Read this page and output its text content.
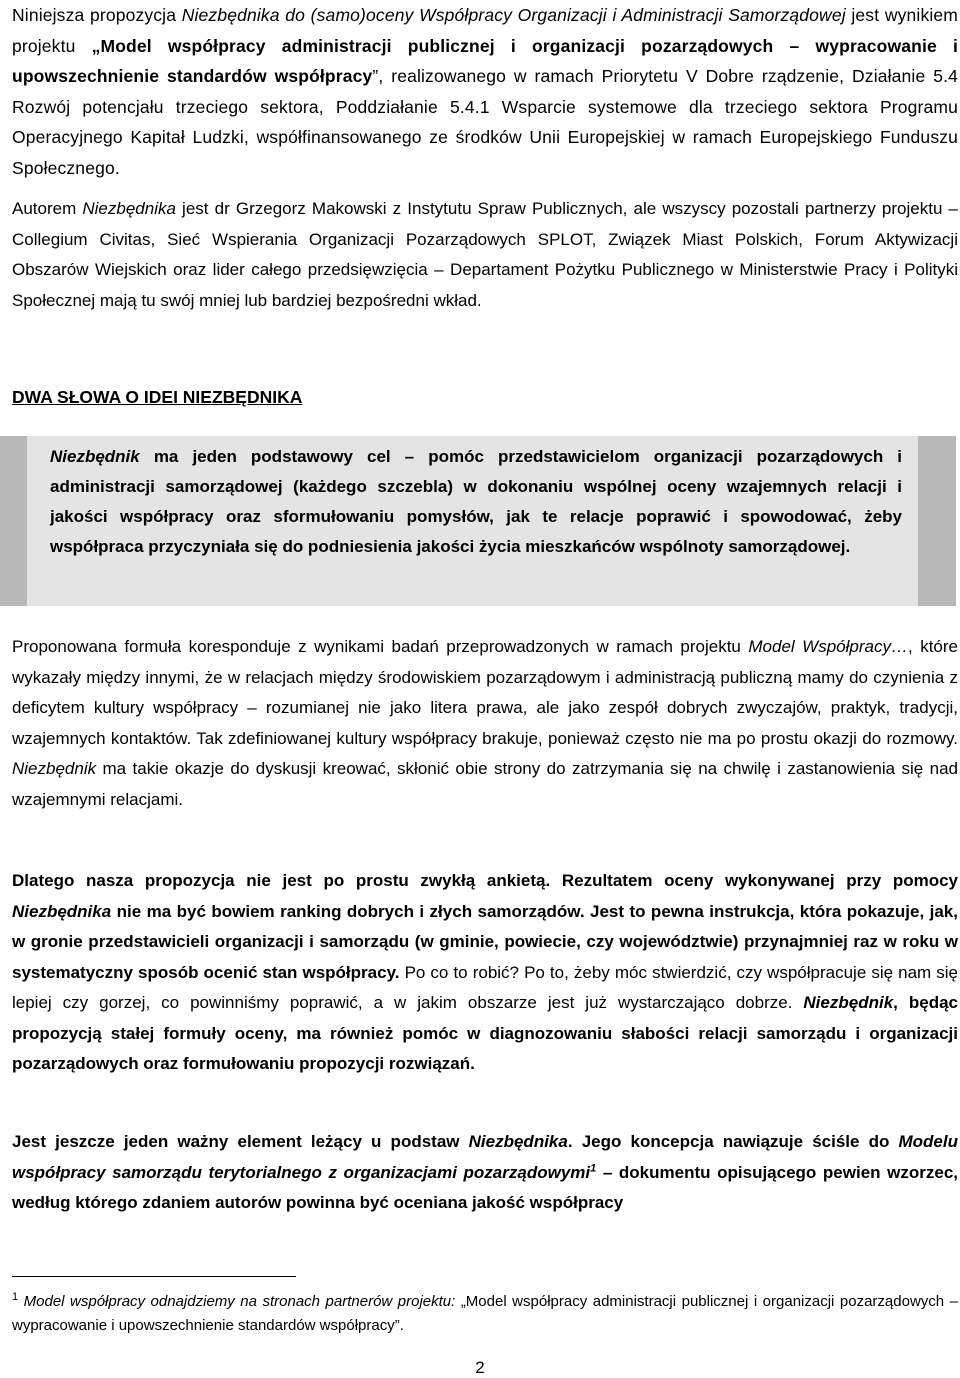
Niniejsza propozycja Niezbędnika do (samo)oceny Współpracy Organizacji i Administracji Samorządowej jest wynikiem projektu „Model współpracy administracji publicznej i organizacji pozarządowych – wypracowanie i upowszechnienie standardów współpracy”, realizowanego w ramach Priorytetu V Dobre rządzenie, Działanie 5.4 Rozwój potencjału trzeciego sektora, Poddziałanie 5.4.1 Wsparcie systemowe dla trzeciego sektora Programu Operacyjnego Kapitał Ludzki, współfinansowanego ze środków Unii Europejskiej w ramach Europejskiego Funduszu Społecznego.

Autorem Niezbędnika jest dr Grzegorz Makowski z Instytutu Spraw Publicznych, ale wszyscy pozostali partnerzy projektu – Collegium Civitas, Sieć Wspierania Organizacji Pozarządowych SPLOT, Związek Miast Polskich, Forum Aktywizacji Obszarów Wiejskich oraz lider całego przedsięwzięcia – Departament Pożytku Publicznego w Ministerstwie Pracy i Polityki Społecznej mają tu swój mniej lub bardziej bezpośredni wkład.

DWA SŁOWA O IDEI NIEZBĘDNIKA

Proponowana formuła koresponduje z wynikami badań przeprowadzonych w ramach projektu Model Współpracy…, które wykazały między innymi, że w relacjach między środowiskiem pozarządowym i administracją publiczną mamy do czynienia z deficytem kultury współpracy – rozumianej nie jako litera prawa, ale jako zespół dobrych zwyczajów, praktyk, tradycji, wzajemnych kontaktów. Tak zdefiniowanej kultury współpracy brakuje, ponieważ często nie ma po prostu okazji do rozmowy. Niezbędnik ma takie okazje do dyskusji kreować, skłonić obie strony do zatrzymania się na chwilę i zastanowienia się nad wzajemnymi relacjami.

Dlatego nasza propozycja nie jest po prostu zwykłą ankietą. Rezultatem oceny wykonywanej przy pomocy Niezbędnika nie ma być bowiem ranking dobrych i złych samorządów. Jest to pewna instrukcja, która pokazuje, jak, w gronie przedstawicieli organizacji i samorządu (w gminie, powiecie, czy województwie) przynajmniej raz w roku w systematyczny sposób ocenić stan współpracy. Po co to robić? Po to, żeby móc stwierdzić, czy współpracuje się nam się lepiej czy gorzej, co powinniśmy poprawić, a w jakim obszarze jest już wystarczająco dobrze. Niezbędnik, będąc propozycją stałej formuły oceny, ma również pomóc w diagnozowaniu słabości relacji samorządu i organizacji pozarządowych oraz formułowaniu propozycji rozwiązań.

Jest jeszcze jeden ważny element leżący u podstaw Niezbędnika. Jego koncepcja nawiązuje ściśle do Modelu współpracy samorządu terytorialnego z organizacjami pozarządowymi$^1$ – dokumentu opisującego pewien wzorzec, według którego zdaniem autorów powinna być oceniana jakość współpracy

Niezbędnik ma jeden podstawowy cel – pomóc przedstawicielom organizacji pozarządowych i administracji samorządowej (każdego szczebla) w dokonaniu wspólnej oceny wzajemnych relacji i jakości współpracy oraz sformułowaniu pomysłów, jak te relacje poprawić i spowodować, żeby współpraca przyczyniała się do podniesienia jakości życia mieszkańców wspólnoty samorządowej.

$^1$ Model współpracy odnajdziemy na stronach partnerów projektu: „Model współpracy administracji publicznej i organizacji pozarządowych – wypracowanie i upowszechnienie standardów współpracy”.

2
